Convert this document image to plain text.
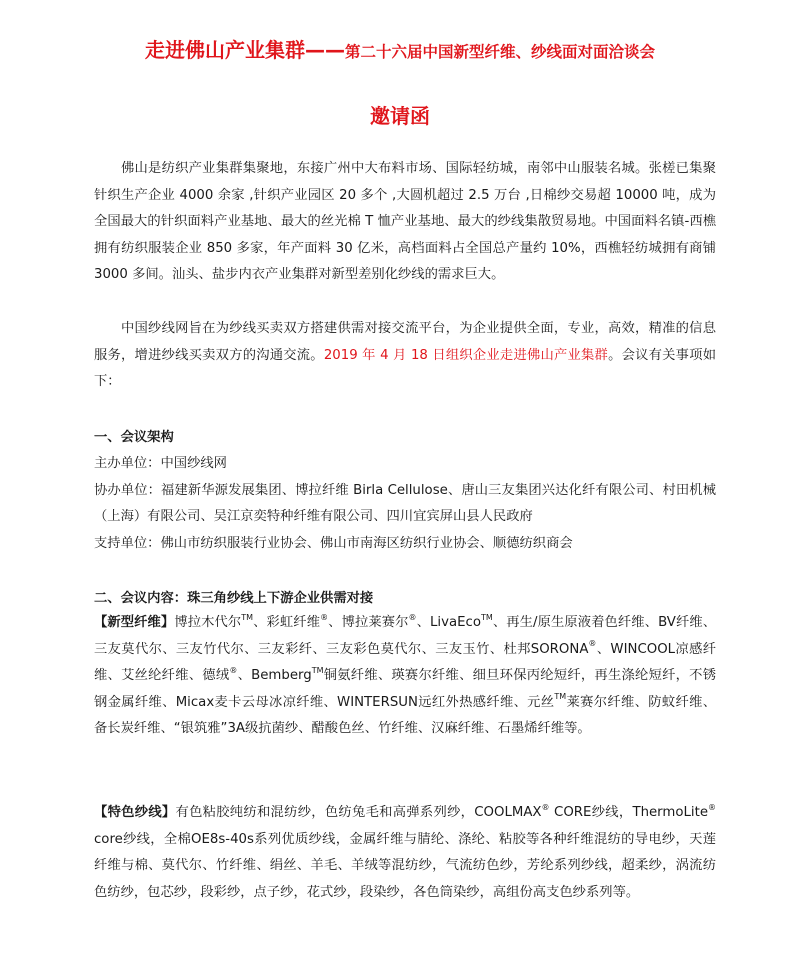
走进佛山产业集群——第二十六届中国新型纤维、纱线面对面洽谈会
邀请函

佛山是纺织产业集群集聚地，东接广州中大布料市场、国际轻纺城，南邻中山服装名城。张槎已集聚针织生产企业 4000 余家 ,针织产业园区 20 多个 ,大圆机超过 2.5 万台 ,日棉纱交易超 10000 吨，成为全国最大的针织面料产业基地、最大的丝光棉 T 恤产业基地、最大的纱线集散贸易地。中国面料名镇-西樵拥有纺织服装企业 850 多家，年产面料 30 亿米，高档面料占全国总产量约 10%，西樵轻纺城拥有商铺 3000 多间。汕头、盐步内衣产业集群对新型差别化纱线的需求巨大。

中国纱线网旨在为纱线买卖双方搭建供需对接交流平台，为企业提供全面，专业，高效，精准的信息服务，增进纱线买卖双方的沟通交流。2019 年 4 月 18 日组织企业走进佛山产业集群。会议有关事项如下：

一、会议架构

主办单位：中国纱线网

协办单位：福建新华源发展集团、博拉纤维 Birla Cellulose、唐山三友集团兴达化纤有限公司、村田机械（上海）有限公司、吴江京奕特种纤维有限公司、四川宜宾屏山县人民政府

支持单位：佛山市纺织服装行业协会、佛山市南海区纺织行业协会、顺德纺织商会

二、会议内容：珠三角纱线上下游企业供需对接

【新型纤维】博拉木代尔™、彩虹纤维®、博拉莱赛尔®、LivaEco™、再生/原生原液着色纤维、BV纤维、三友莫代尔、三友竹代尔、三友彩纤、三友彩色莫代尔、三友玉竹、杜邦SORONA®、WINCOOL凉感纤维、艾丝纶纤维、德绒®、Bemberg™铜氨纤维、瑛赛尔纤维、细旦环保丙纶短纤，再生涤纶短纤，不锈钢金属纤维、Micax麦卡云母冰凉纤维、WINTERSUN远红外热感纤维、元丝™莱赛尔纤维、防蚊纤维、备长炭纤维、“银筑雅”3A级抗菌纱、醋酸色丝、竹纤维、汉麻纤维、石墨烯纤维等。

【特色纱线】有色粘胶纯纺和混纺纱，色纺兔毛和高弹系列纱，COOLMAX® CORE纱线，ThermoLite® core纱线，全棉OE8s-40s系列优质纱线，金属纤维与腈纶、涤纶、粘胶等各种纤维混纺的导电纱，天莲纤维与棉、莫代尔、竹纤维、绢丝、羊毛、羊绒等混纺纱，气流纺色纱，芳纶系列纱线，超柔纱，涡流纺色纺纱，包芯纱，段彩纱，点子纱，花式纱，段染纱，各色筒染纱，高组份高支色纱系列等。
